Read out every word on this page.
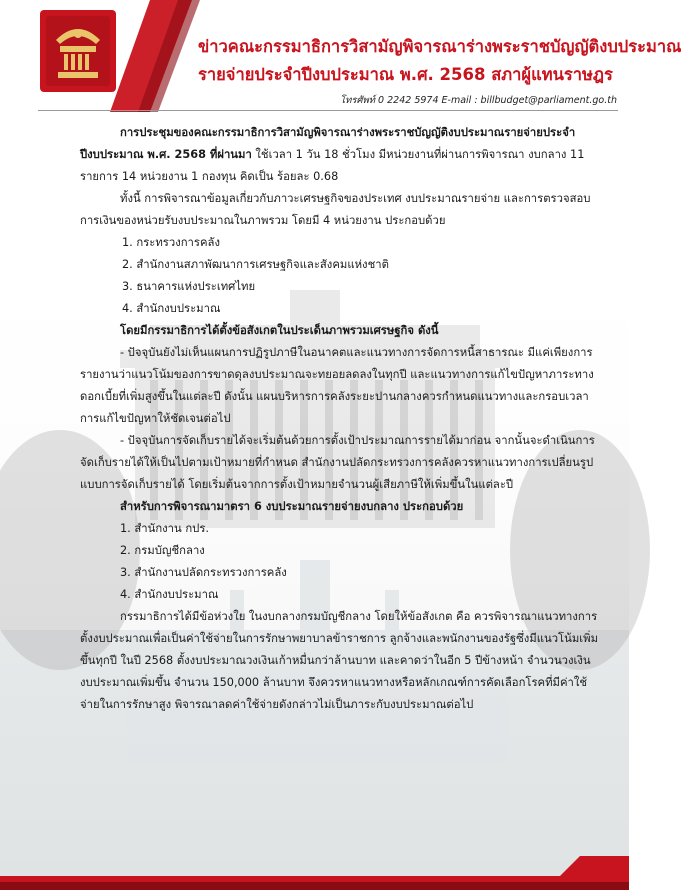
ข่าวคณะกรรมาธิการวิสามัญพิจารณาร่างพระราชบัญญัติงบประมาณ
รายจ่ายประจำปีงบประมาณ พ.ศ. 2568 สภาผู้แทนราษฎร
โทรศัพท์ 0 2242 5974 E-mail : billbudget@parliament.go.th

การประชุมของคณะกรรมาธิการวิสามัญพิจารณาร่างพระราชบัญญัติงบประมาณรายจ่ายประจำปีงบประมาณ พ.ศ. 2568 ที่ผ่านมา ใช้เวลา 1 วัน 18 ชั่วโมง มีหน่วยงานที่ผ่านการพิจารณา งบกลาง 11 รายการ 14 หน่วยงาน 1 กองทุน คิดเป็น ร้อยละ 0.68

ทั้งนี้ การพิจารณาข้อมูลเกี่ยวกับภาวะเศรษฐกิจของประเทศ งบประมาณรายจ่าย และการตรวจสอบการเงินของหน่วยรับงบประมาณในภาพรวม โดยมี 4 หน่วยงาน ประกอบด้วย

1. กระทรวงการคลัง
2. สำนักงานสภาพัฒนาการเศรษฐกิจและสังคมแห่งชาติ
3. ธนาคารแห่งประเทศไทย
4. สำนักงบประมาณ

โดยมีกรรมาธิการได้ตั้งข้อสังเกตในประเด็นภาพรวมเศรษฐกิจ ดังนี้

- ปัจจุบันยังไม่เห็นแผนการปฏิรูปภาษีในอนาคตและแนวทางการจัดการหนี้สาธารณะ มีแค่เพียงการรายงานว่าแนวโน้มของการขาดดุลงบประมาณจะทยอยลดลงในทุกปี และแนวทางการแก้ไขปัญหาภาระทางดอกเบี้ยที่เพิ่มสูงขึ้นในแต่ละปี ดังนั้น แผนบริหารการคลังระยะปานกลางควรกำหนดแนวทางและกรอบเวลาการแก้ไขปัญหาให้ชัดเจนต่อไป

- ปัจจุบันการจัดเก็บรายได้จะเริ่มต้นด้วยการตั้งเป้าประมาณการรายได้มาก่อน จากนั้นจะดำเนินการจัดเก็บรายได้ให้เป็นไปตามเป้าหมายที่กำหนด สำนักงานปลัดกระทรวงการคลังควรหาแนวทางการเปลี่ยนรูปแบบการจัดเก็บรายได้ โดยเริ่มต้นจากการตั้งเป้าหมายจำนวนผู้เสียภาษีให้เพิ่มขึ้นในแต่ละปี

สำหรับการพิจารณามาตรา 6 งบประมาณรายจ่ายงบกลาง ประกอบด้วย

1. สำนักงาน กปร.
2. กรมบัญชีกลาง
3. สำนักงานปลัดกระทรวงการคลัง
4. สำนักงบประมาณ

กรรมาธิการได้มีข้อห่วงใย ในงบกลางกรมบัญชีกลาง โดยให้ข้อสังเกต คือ ควรพิจารณาแนวทางการตั้งงบประมาณเพื่อเป็นค่าใช้จ่ายในการรักษาพยาบาลข้าราชการ ลูกจ้างและพนักงานของรัฐซึ่งมีแนวโน้มเพิ่มขึ้นทุกปี ในปี 2568 ตั้งงบประมาณวงเงินเก้าหมื่นกว่าล้านบาท และคาดว่าในอีก 5 ปีข้างหน้า จำนวนวงเงินงบประมาณเพิ่มขึ้น จำนวน 150,000 ล้านบาท จึงควรหาแนวทางหรือหลักเกณฑ์การคัดเลือกโรคที่มีค่าใช้จ่ายในการรักษาสูง พิจารณาลดค่าใช้จ่ายดังกล่าวไม่เป็นภาระกับงบประมาณต่อไป
